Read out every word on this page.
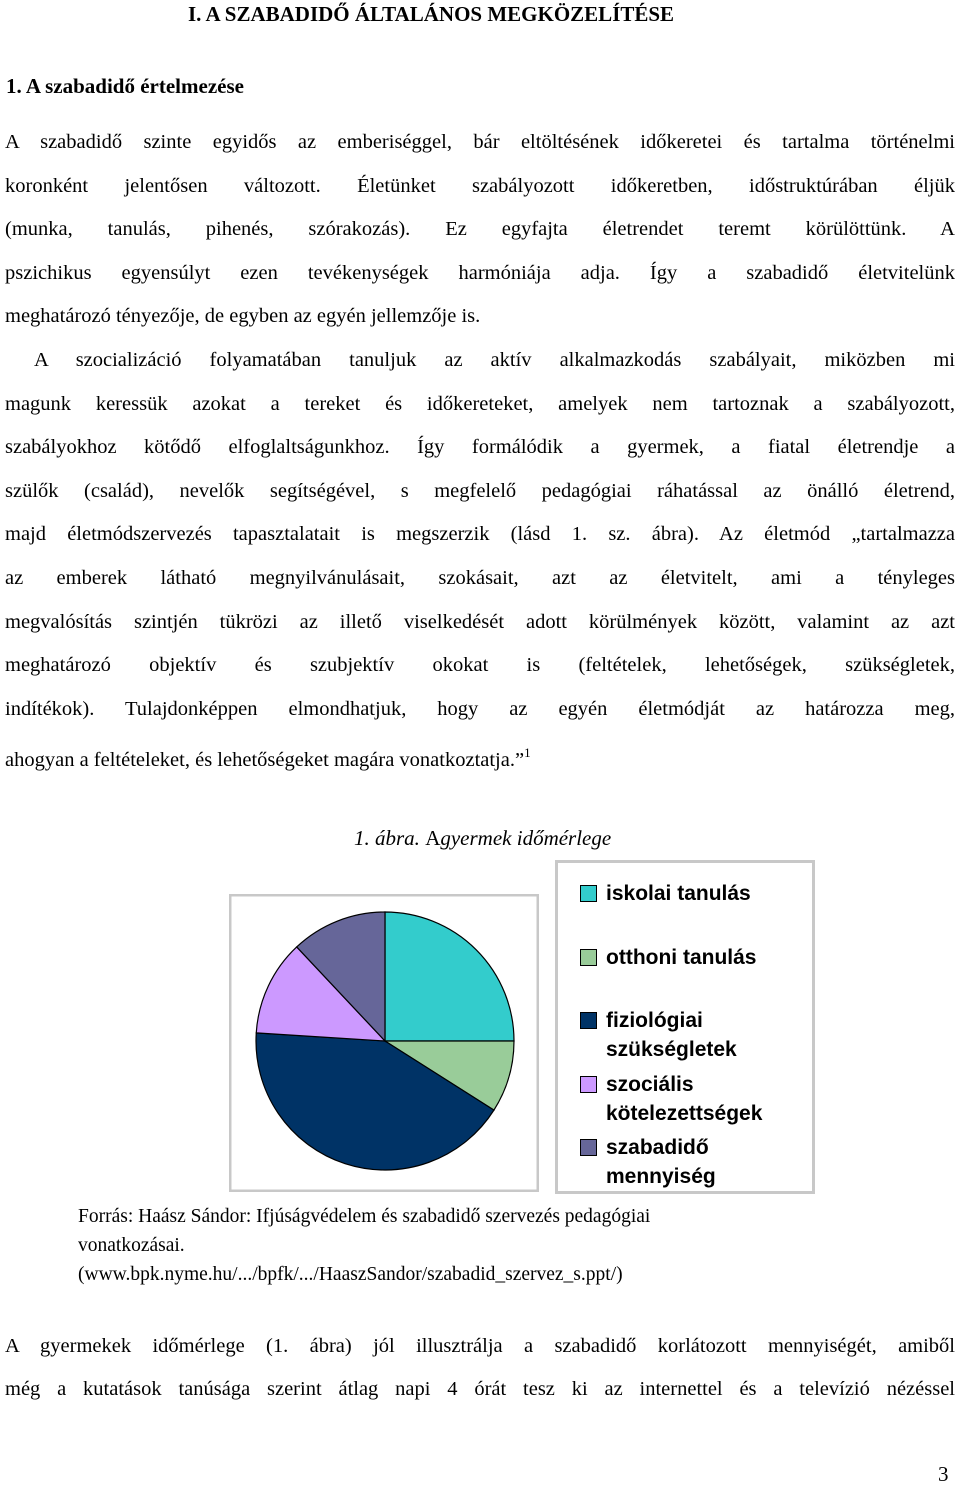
I. A SZABADIDŐ ÁLTALÁNOS MEGKÖZELÍTÉSE
1. A szabadidő értelmezése
A szabadidő szinte egyidős az emberiséggel, bár eltöltésének időkeretei és tartalma történelmi
koronként jelentősen változott. Életünket szabályozott időkeretben, időstruktúrában éljük
(munka, tanulás, pihenés, szórakozás). Ez egyfajta életrendet teremt körülöttünk. A
pszichikus egyensúlyt ezen tevékenységek harmóniája adja. Így a szabadidő életvitelünk
meghatározó tényezője, de egyben az egyén jellemzője is.
A szocializáció folyamatában tanuljuk az aktív alkalmazkodás szabályait, miközben mi
magunk keressük azokat a tereket és időkereteket, amelyek nem tartoznak a szabályozott,
szabályokhoz kötődő elfoglaltságunkhoz. Így formálódik a gyermek, a fiatal életrendje a
szülők (család), nevelők segítségével, s megfelelő pedagógiai ráhatással az önálló életrend,
majd életmódszervezés tapasztalatait is megszerzik (lásd 1. sz. ábra). Az életmód „tartalmazza
az emberek látható megnyilvánulásait, szokásait, azt az életvitelt, ami a tényleges
megvalósítás szintjén tükrözi az illető viselkedését adott körülmények között, valamint az azt
meghatározó objektív és szubjektív okokat is (feltételek, lehetőségek, szükségletek,
indítékok). Tulajdonképpen elmondhatjuk, hogy az egyén életmódját az határozza meg,
ahogyan a feltételeket, és lehetőségeket magára vonatkoztatja.”$^1$
1. ábra. Agyermek időmérlege
iskolai tanulás
otthoni tanulás
fiziológiai
szükségletek
szociális
kötelezettségek
szabadidő
mennyiség
Forrás: Haász Sándor: Ifjúságvédelem és szabadidő szervezés pedagógiai
vonatkozásai.
(www.bpk.nyme.hu/.../bpfk/.../HaaszSandor/szabadid_szervez_s.ppt/)
A gyermekek időmérlege (1. ábra) jól illusztrálja a szabadidő korlátozott mennyiségét, amiből
még a kutatások tanúsága szerint átlag napi 4 órát tesz ki az internettel és a televízió nézéssel
3
